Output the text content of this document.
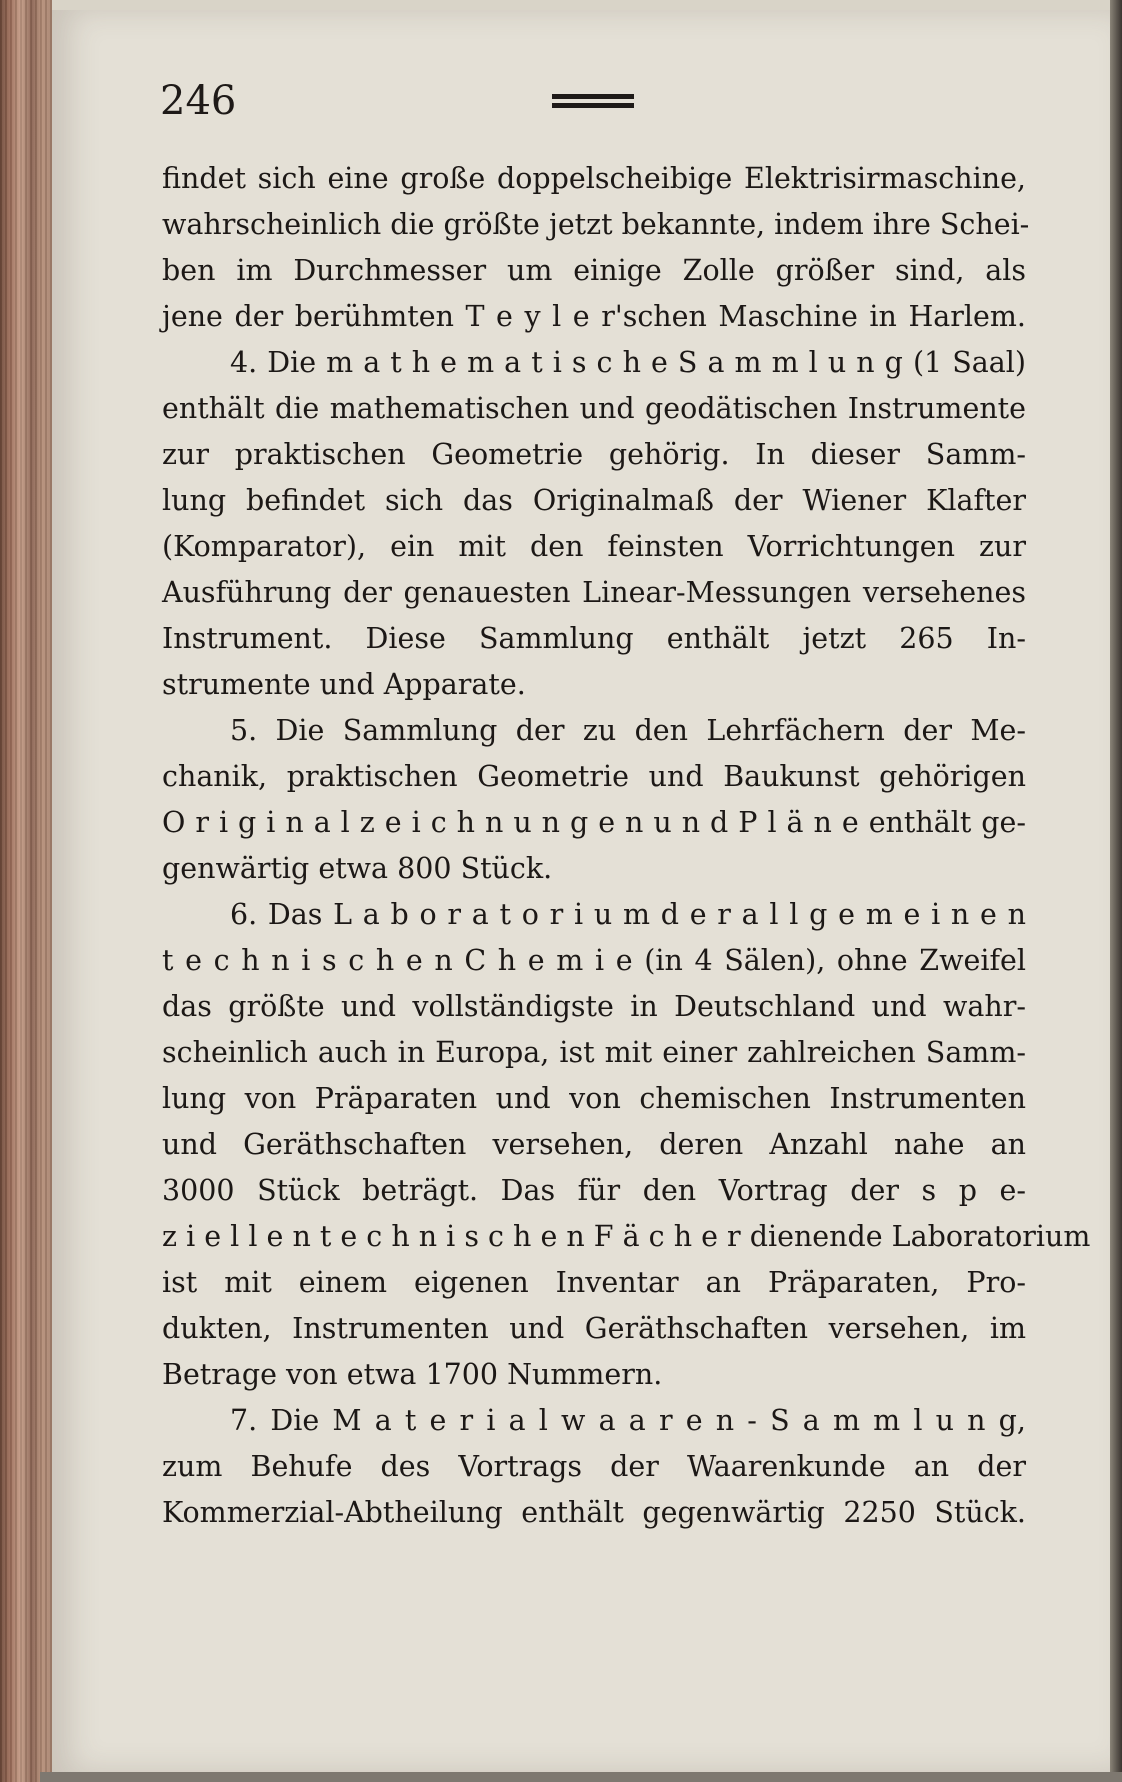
246
findet sich eine große doppelscheibige Elektrisirmaschine,
wahrscheinlich die größte jetzt bekannte, indem ihre Schei-
ben im Durchmesser um einige Zolle größer sind, als
jene der berühmten T e y l e r'schen Maschine in Harlem.
4. Die m a t h e m a t i s c h e S a m m l u n g (1 Saal)
enthält die mathematischen und geodätischen Instrumente
zur praktischen Geometrie gehörig. In dieser Samm-
lung befindet sich das Originalmaß der Wiener Klafter
(Komparator), ein mit den feinsten Vorrichtungen zur
Ausführung der genauesten Linear-Messungen versehenes
Instrument. Diese Sammlung enthält jetzt 265 In-
strumente und Apparate.
5. Die Sammlung der zu den Lehrfächern der Me-
chanik, praktischen Geometrie und Baukunst gehörigen
O r i g i n a l z e i c h n u n g e n u n d P l ä n e enthält ge-
genwärtig etwa 800 Stück.
6. Das L a b o r a t o r i u m d e r a l l g e m e i n e n
t e c h n i s c h e n C h e m i e (in 4 Sälen), ohne Zweifel
das größte und vollständigste in Deutschland und wahr-
scheinlich auch in Europa, ist mit einer zahlreichen Samm-
lung von Präparaten und von chemischen Instrumenten
und Geräthschaften versehen, deren Anzahl nahe an
3000 Stück beträgt. Das für den Vortrag der s p e-
z i e l l e n t e c h n i s c h e n F ä c h e r dienende Laboratorium
ist mit einem eigenen Inventar an Präparaten, Pro-
dukten, Instrumenten und Geräthschaften versehen, im
Betrage von etwa 1700 Nummern.
7. Die M a t e r i a l w a a r e n - S a m m l u n g,
zum Behufe des Vortrags der Waarenkunde an der
Kommerzial-Abtheilung enthält gegenwärtig 2250 Stück.
